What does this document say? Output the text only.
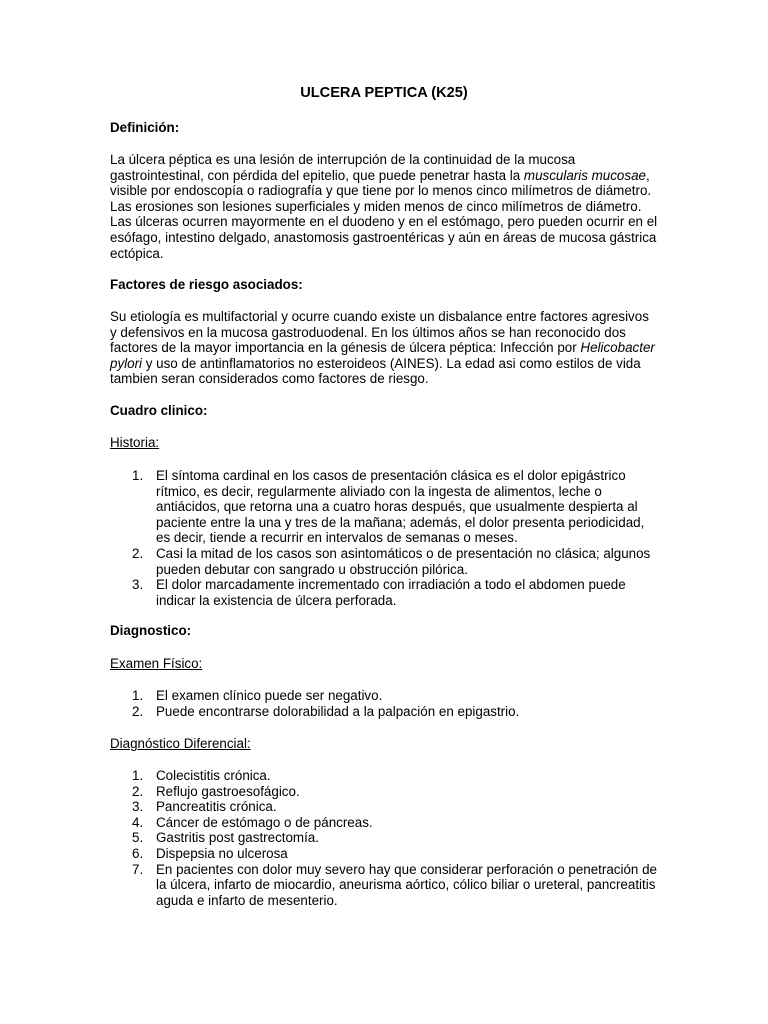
ULCERA PEPTICA (K25)

Definición:

La úlcera péptica es una lesión de interrupción de la continuidad de la mucosa gastrointestinal, con pérdida del epitelio, que puede penetrar hasta la muscularis mucosae, visible por endoscopía o radiografía y que tiene por lo menos cinco milímetros de diámetro. Las erosiones son lesiones superficiales y miden menos de cinco milímetros de diámetro. Las úlceras ocurren mayormente en el duodeno y en el estómago, pero pueden ocurrir en el esófago, intestino delgado, anastomosis gastroentéricas y aún en áreas de mucosa gástrica ectópica.

Factores de riesgo asociados:

Su etiología es multifactorial y ocurre cuando existe un disbalance entre factores agresivos y defensivos en la mucosa gastroduodenal. En los últimos años se han reconocido dos factores de la mayor importancia en la génesis de úlcera péptica: Infección por Helicobacter pylori y uso de antinflamatorios no esteroideos (AINES). La edad asi como estilos de vida tambien seran considerados como factores de riesgo.

Cuadro clinico:

Historia:

1. El síntoma cardinal en los casos de presentación clásica es el dolor epigástrico rítmico, es decir, regularmente aliviado con la ingesta de alimentos, leche o antiácidos, que retorna una a cuatro horas después, que usualmente despierta al paciente entre la una y tres de la mañana; además, el dolor presenta periodicidad, es decir, tiende a recurrir en intervalos de semanas o meses.
2. Casi la mitad de los casos son asintomáticos o de presentación no clásica; algunos pueden debutar con sangrado u obstrucción pilórica.
3. El dolor marcadamente incrementado con irradiación a todo el abdomen puede indicar la existencia de úlcera perforada.

Diagnostico:

Examen Físico:

1. El examen clínico puede ser negativo.
2. Puede encontrarse dolorabilidad a la palpación en epigastrio.

Diagnóstico Diferencial:

1. Colecistitis crónica.
2. Reflujo gastroesofágico.
3. Pancreatitis crónica.
4. Cáncer de estómago o de páncreas.
5. Gastritis post gastrectomía.
6. Dispepsia no ulcerosa
7. En pacientes con dolor muy severo hay que considerar perforación o penetración de la úlcera, infarto de miocardio, aneurisma aórtico, cólico biliar o ureteral, pancreatitis aguda e infarto de mesenterio.
